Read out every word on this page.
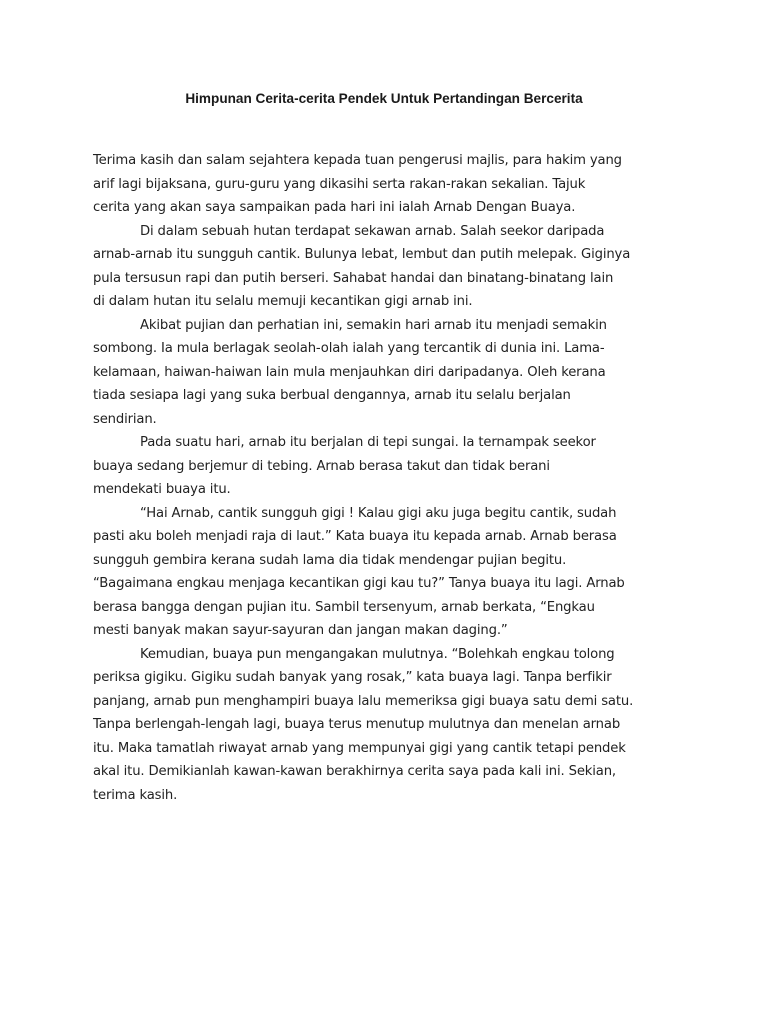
Himpunan Cerita-cerita Pendek Untuk Pertandingan Bercerita
Terima kasih dan salam sejahtera kepada tuan pengerusi majlis, para hakim yang
arif lagi bijaksana, guru-guru yang dikasihi serta rakan-rakan sekalian. Tajuk
cerita yang akan saya sampaikan pada hari ini ialah Arnab Dengan Buaya.
Di dalam sebuah hutan terdapat sekawan arnab. Salah seekor daripada
arnab-arnab itu sungguh cantik. Bulunya lebat, lembut dan putih melepak. Giginya
pula tersusun rapi dan putih berseri. Sahabat handai dan binatang-binatang lain
di dalam hutan itu selalu memuji kecantikan gigi arnab ini.
Akibat pujian dan perhatian ini, semakin hari arnab itu menjadi semakin
sombong. Ia mula berlagak seolah-olah ialah yang tercantik di dunia ini. Lama-
kelamaan, haiwan-haiwan lain mula menjauhkan diri daripadanya. Oleh kerana
tiada sesiapa lagi yang suka berbual dengannya, arnab itu selalu berjalan
sendirian.
Pada suatu hari, arnab itu berjalan di tepi sungai. Ia ternampak seekor
buaya sedang berjemur di tebing. Arnab berasa takut dan tidak berani
mendekati buaya itu.
“Hai Arnab, cantik sungguh gigi ! Kalau gigi aku juga begitu cantik, sudah
pasti aku boleh menjadi raja di laut.” Kata buaya itu kepada arnab. Arnab berasa
sungguh gembira kerana sudah lama dia tidak mendengar pujian begitu.
“Bagaimana engkau menjaga kecantikan gigi kau tu?” Tanya buaya itu lagi. Arnab
berasa bangga dengan pujian itu. Sambil tersenyum, arnab berkata, “Engkau
mesti banyak makan sayur-sayuran dan jangan makan daging.”
Kemudian, buaya pun mengangakan mulutnya. “Bolehkah engkau tolong
periksa gigiku. Gigiku sudah banyak yang rosak,” kata buaya lagi. Tanpa berfikir
panjang, arnab pun menghampiri buaya lalu memeriksa gigi buaya satu demi satu.
Tanpa berlengah-lengah lagi, buaya terus menutup mulutnya dan menelan arnab
itu. Maka tamatlah riwayat arnab yang mempunyai gigi yang cantik tetapi pendek
akal itu. Demikianlah kawan-kawan berakhirnya cerita saya pada kali ini. Sekian,
terima kasih.
